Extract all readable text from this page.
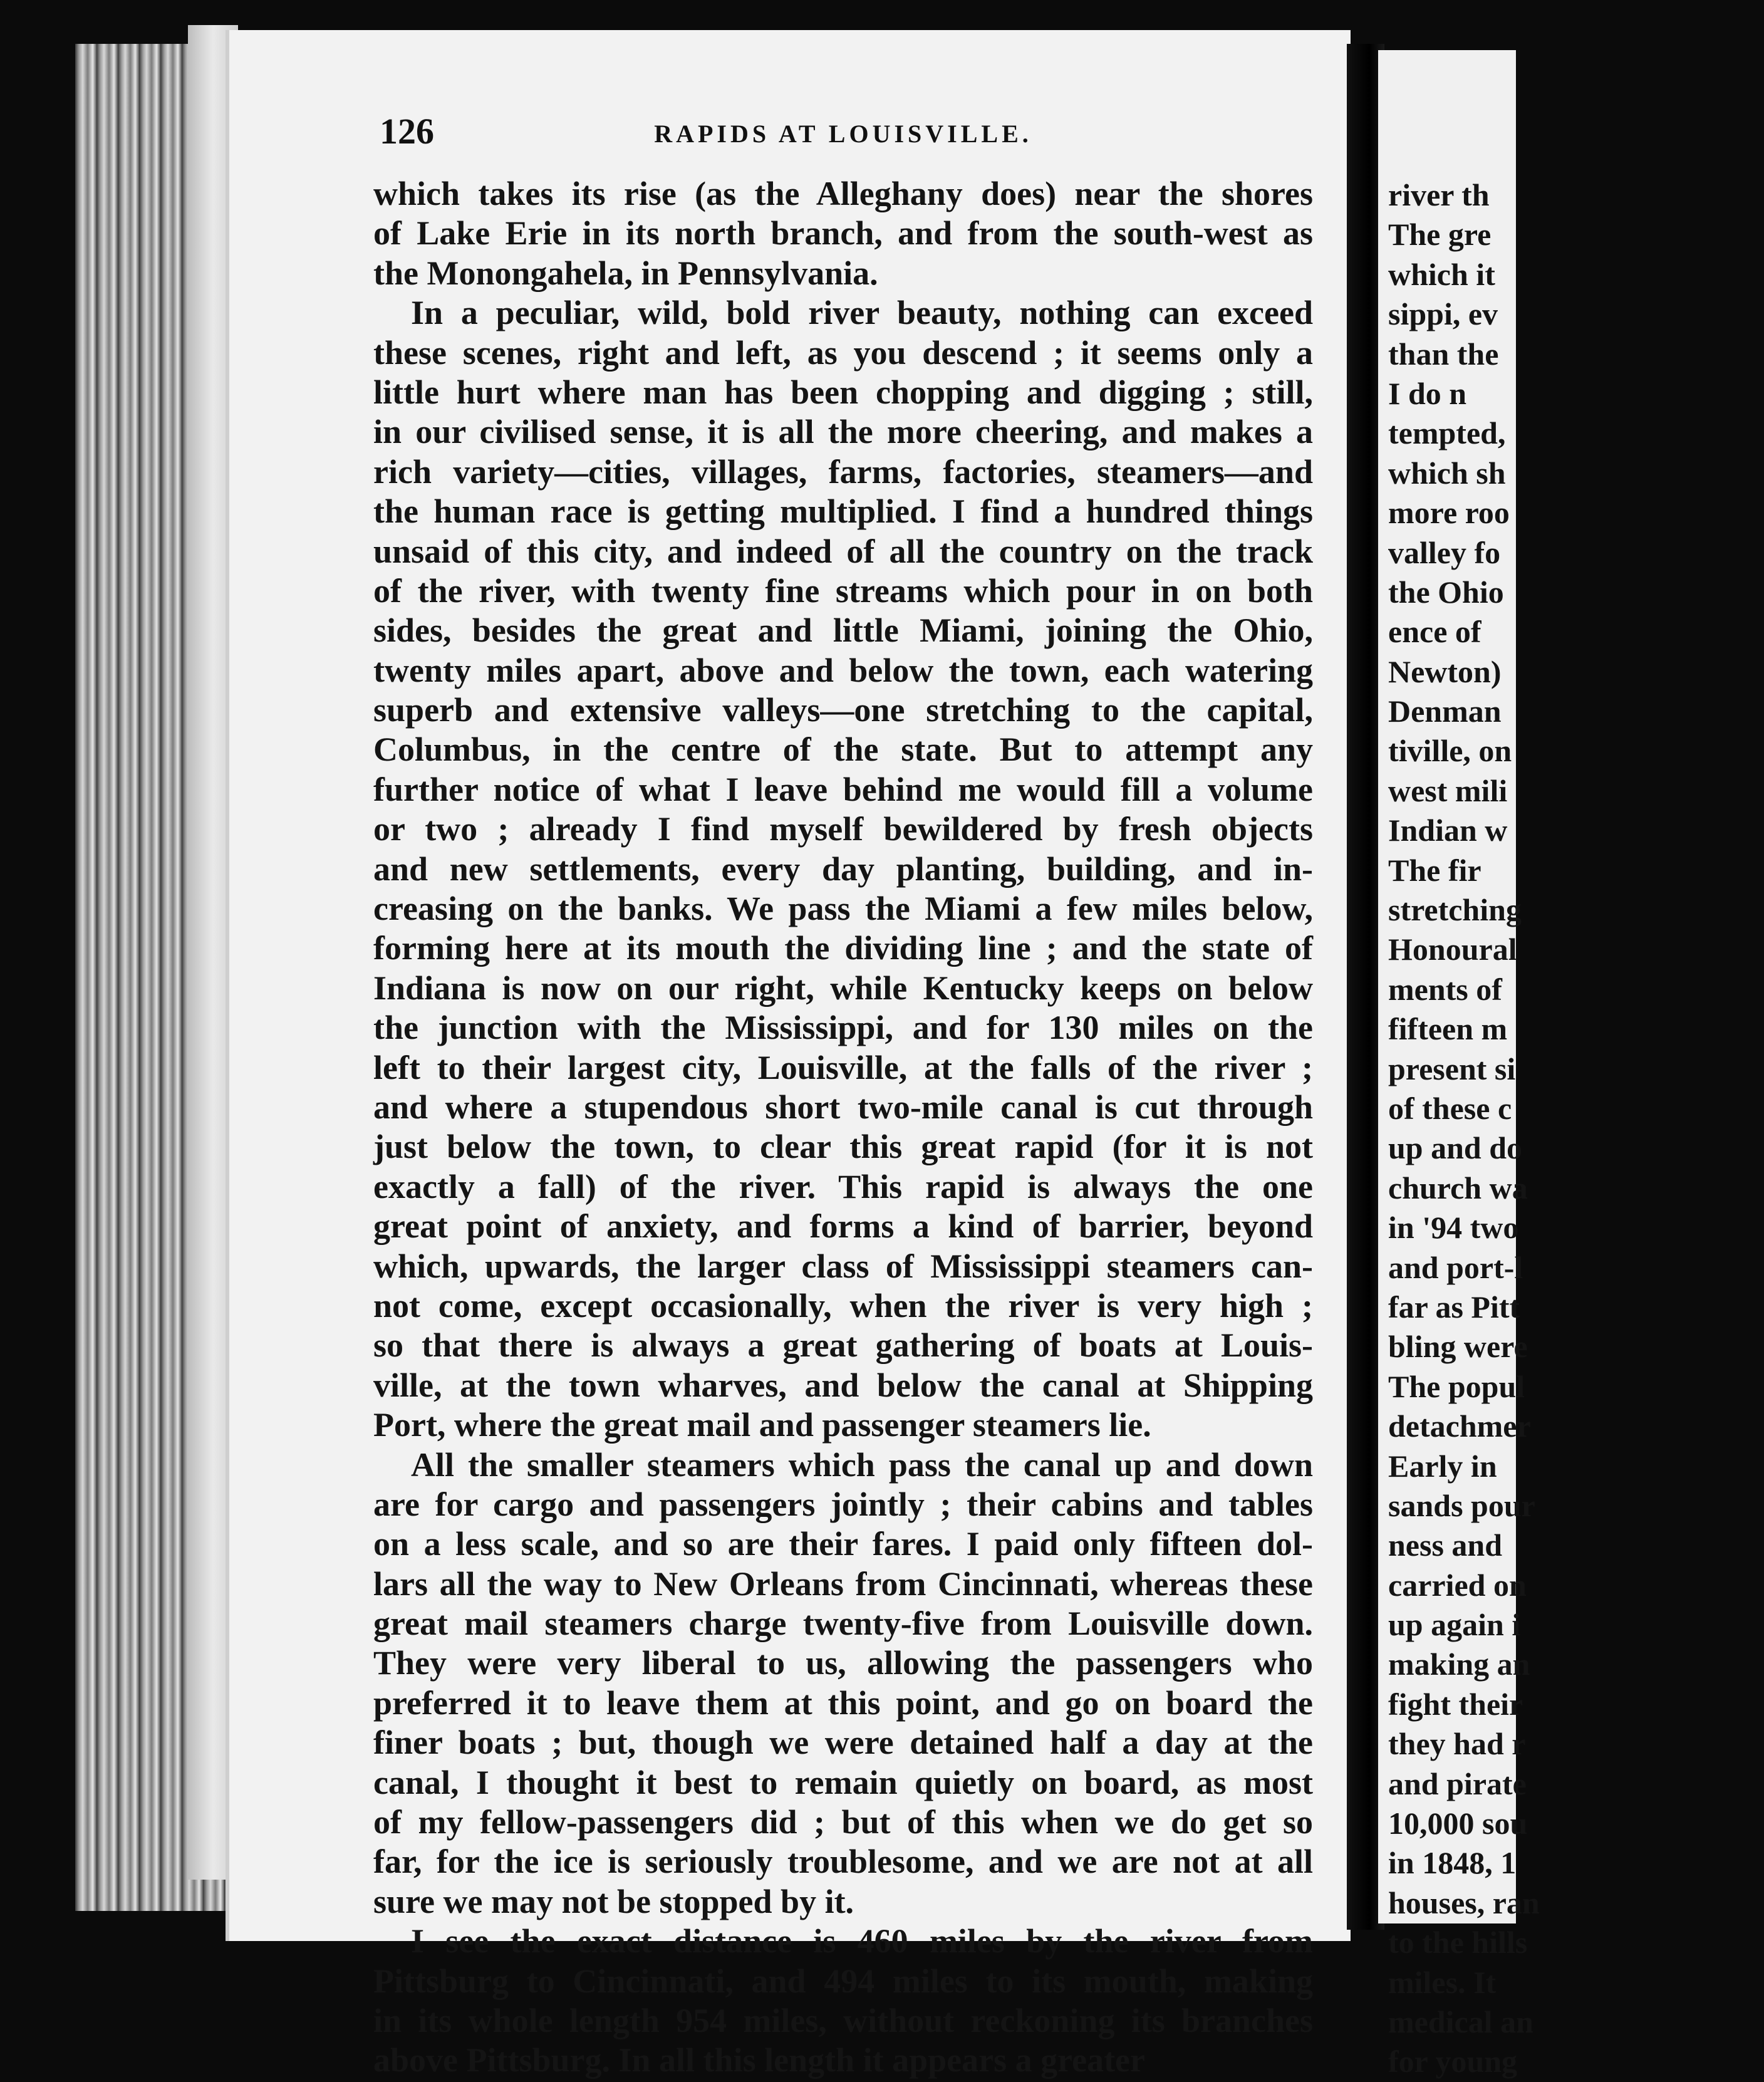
126	RAPIDS AT LOUISVILLE.
which takes its rise (as the Alleghany does) near the shores
of Lake Erie in its north branch, and from the south-west as
the Monongahela, in Pennsylvania.
In a peculiar, wild, bold river beauty, nothing can exceed
these scenes, right and left, as you descend ; it seems only a
little hurt where man has been chopping and digging ; still,
in our civilised sense, it is all the more cheering, and makes a
rich variety—cities, villages, farms, factories, steamers—and
the human race is getting multiplied. I find a hundred things
unsaid of this city, and indeed of all the country on the track
of the river, with twenty fine streams which pour in on both
sides, besides the great and little Miami, joining the Ohio,
twenty miles apart, above and below the town, each watering
superb and extensive valleys—one stretching to the capital,
Columbus, in the centre of the state. But to attempt any
further notice of what I leave behind me would fill a volume
or two ; already I find myself bewildered by fresh objects
and new settlements, every day planting, building, and in-
creasing on the banks. We pass the Miami a few miles below,
forming here at its mouth the dividing line ; and the state of
Indiana is now on our right, while Kentucky keeps on below
the junction with the Mississippi, and for 130 miles on the
left to their largest city, Louisville, at the falls of the river ;
and where a stupendous short two-mile canal is cut through
just below the town, to clear this great rapid (for it is not
exactly a fall) of the river. This rapid is always the one
great point of anxiety, and forms a kind of barrier, beyond
which, upwards, the larger class of Mississippi steamers can-
not come, except occasionally, when the river is very high ;
so that there is always a great gathering of boats at Louis-
ville, at the town wharves, and below the canal at Shipping
Port, where the great mail and passenger steamers lie.
All the smaller steamers which pass the canal up and down
are for cargo and passengers jointly ; their cabins and tables
on a less scale, and so are their fares. I paid only fifteen dol-
lars all the way to New Orleans from Cincinnati, whereas these
great mail steamers charge twenty-five from Louisville down.
They were very liberal to us, allowing the passengers who
preferred it to leave them at this point, and go on board the
finer boats ; but, though we were detained half a day at the
canal, I thought it best to remain quietly on board, as most
of my fellow-passengers did ; but of this when we do get so
far, for the ice is seriously troublesome, and we are not at all
sure we may not be stopped by it.
I see the exact distance is 460 miles by the river from
Pittsburg to Cincinnati, and 494 miles to its mouth, making
in its whole length 954 miles, without reckoning its branches
above Pittsburg. In all this length it appears a greater
river th
The gre
which it
sippi, ev
than the
I do n
tempted,
which sh
more roo
valley fo
the Ohio
ence of
Newton)
Denman
tiville, on
west mili
Indian w
The fir
stretching
Honoural
ments of
fifteen m
present si
of these c
up and do
church wa
in '94 two
and port-l
far as Pitt
bling were
The popul
detachmer
Early in
sands pour
ness and
carried on
up again i
making an
fight their
they had r
and pirate
10,000 sou
in 1848, 1
houses, ran
to the hills
miles. It
medical an
for young
